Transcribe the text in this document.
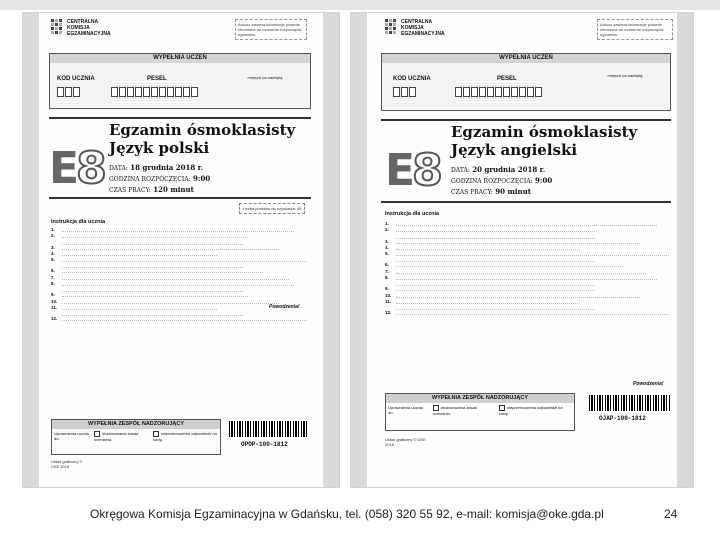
CENTRALNA
KOMISJA
EGZAMINACYJNA
Arkusz zawiera informacje prawnie chronione do momentu rozpoczęcia egzaminu.
WYPEŁNIA UCZEŃ
KOD UCZNIA	PESEL	miejsce na naklejkę
E8
Egzamin ósmoklasisty
Język polski
DATA: 18 grudnia 2018 r.
GODZINA ROZPOCZĘCIA: 9:00
CZAS PRACY: 120 minut
Liczba punktów do uzyskania: 45
Instrukcja dla ucznia
1.
2.
3.
4.
5.
6.
7.
8.
9.
10.
11.
12.
Powodzenia!
WYPEŁNIA ZESPÓŁ NADZORUJĄCY
Uprawnienia ucznia do:
dostosowania zasad oceniania.
nieprzenoszenia odpowiedzi na kartę.
OPOP-100-1812
Układ graficzny © CKE 2018
CENTRALNA
KOMISJA
EGZAMINACYJNA
Arkusz zawiera informacje prawnie chronione do momentu rozpoczęcia egzaminu.
WYPEŁNIA UCZEŃ
KOD UCZNIA	PESEL
miejsce na naklejkę
E8
Egzamin ósmoklasisty
Język angielski
DATA: 20 grudnia 2018 r.
GODZINA ROZPOCZĘCIA: 9:00
CZAS PRACY: 90 minut
Instrukcja dla ucznia
1.
2.
3.
4.
5.
6.
7.
8.
9.
10.
11.
12.
Powodzenia!
WYPEŁNIA ZESPÓŁ NADZORUJĄCY
Uprawnienia ucznia do:
dostosowania zasad oceniania.
nieprzenoszenia odpowiedzi na kartę.
OJAP-100-1812
Układ graficzny © CKE 2018
Okręgowa Komisja Egzaminacyjna w Gdańsku, tel. (058) 320 55 92, e-mail: komisja@oke.gda.pl	24
